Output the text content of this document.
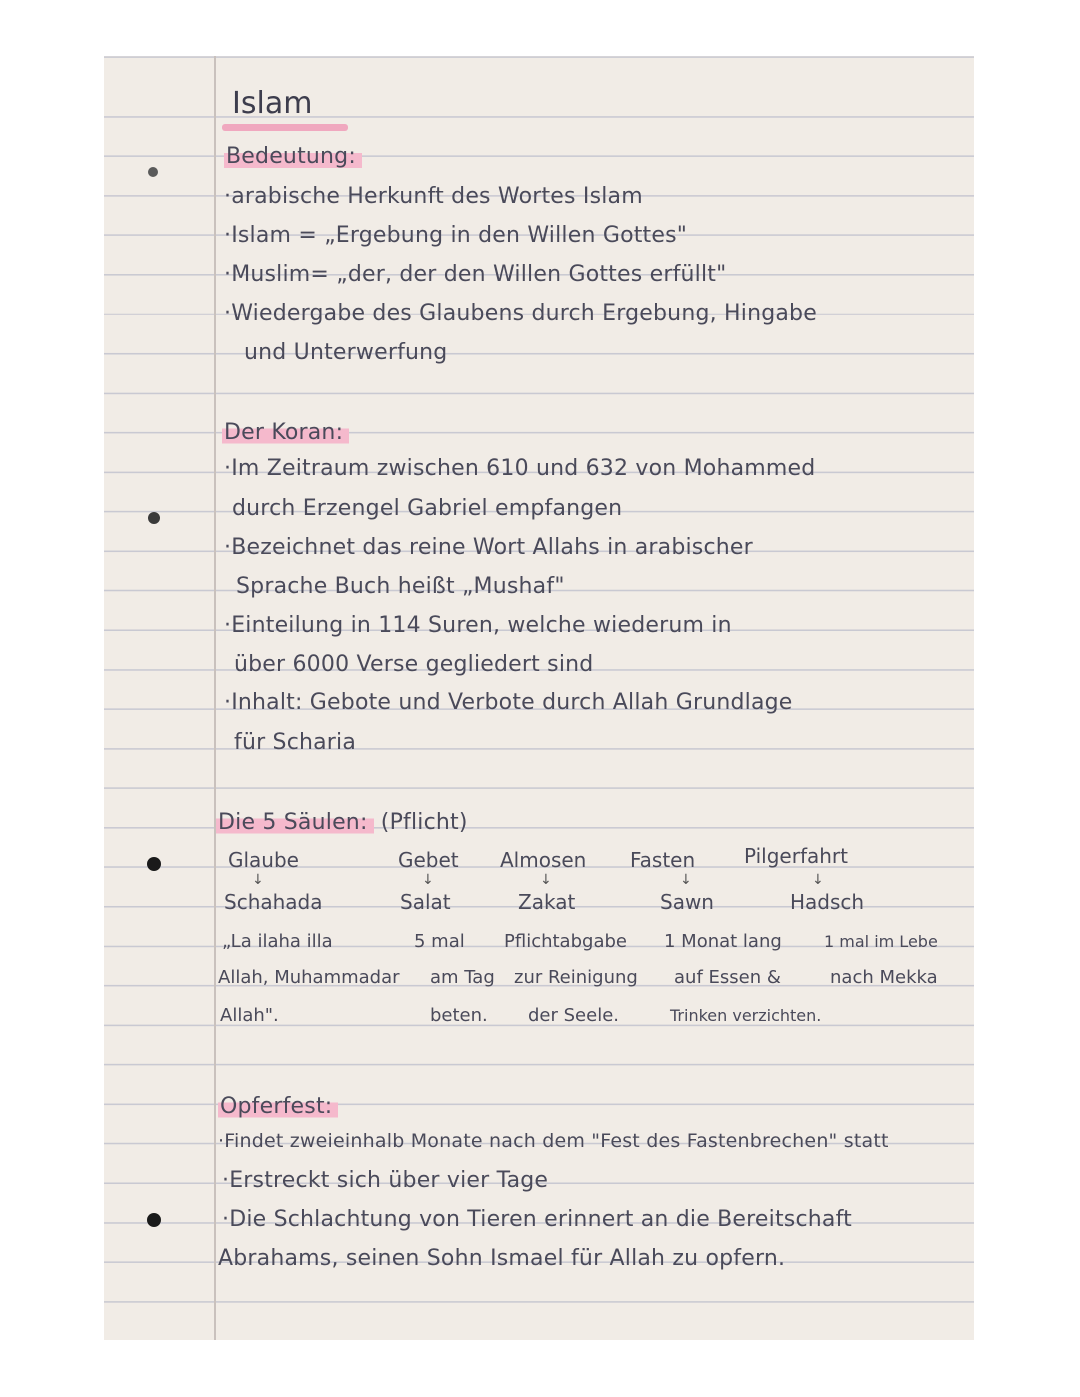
Islam
Bedeutung:
·arabische Herkunft des Wortes Islam
·Islam = „Ergebung in den Willen Gottes"
·Muslim= „der, der den Willen Gottes erfüllt"
·Wiedergabe des Glaubens durch Ergebung, Hingabe
und Unterwerfung
Der Koran:
·Im Zeitraum zwischen 610 und 632 von Mohammed
durch Erzengel Gabriel empfangen
·Bezeichnet das reine Wort Allahs in arabischer
Sprache Buch heißt „Mushaf"
·Einteilung in 114 Suren, welche wiederum in
über 6000 Verse gegliedert sind
·Inhalt: Gebote und Verbote durch Allah Grundlage
für Scharia
Die 5 Säulen: (Pflicht)
Glaube
↓
Schahada
„La ilaha illa
Allah, Muhammadar
Allah".
Gebet
↓
Salat
5 mal
am Tag
beten.
Almosen
↓
Zakat
Pflichtabgabe
zur Reinigung
der Seele.
Fasten
↓
Sawn
1 Monat lang
auf Essen &
Trinken verzichten.
Pilgerfahrt
↓
Hadsch
1 mal im Lebe
nach Mekka
Opferfest:
·Findet zweieinhalb Monate nach dem "Fest des Fastenbrechen" statt
·Erstreckt sich über vier Tage
·Die Schlachtung von Tieren erinnert an die Bereitschaft
Abrahams, seinen Sohn Ismael für Allah zu opfern.
